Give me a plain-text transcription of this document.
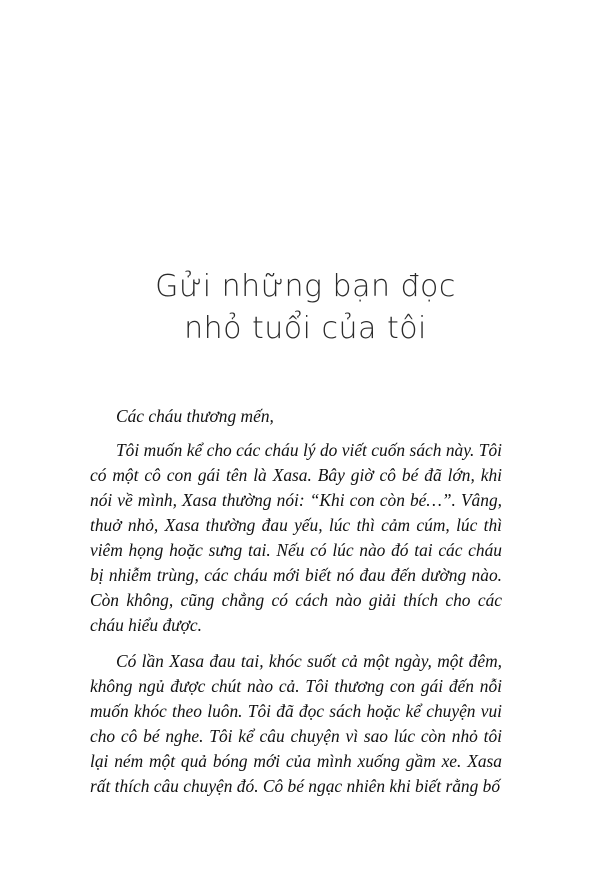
Gửi những bạn đọc
nhỏ tuổi của tôi

Các cháu thương mến,

Tôi muốn kể cho các cháu lý do viết cuốn sách này. Tôi có một cô con gái tên là Xasa. Bây giờ cô bé đã lớn, khi nói về mình, Xasa thường nói: “Khi con còn bé…”. Vâng, thuở nhỏ, Xasa thường đau yếu, lúc thì cảm cúm, lúc thì viêm họng hoặc sưng tai. Nếu có lúc nào đó tai các cháu bị nhiễm trùng, các cháu mới biết nó đau đến dường nào. Còn không, cũng chẳng có cách nào giải thích cho các cháu hiểu được.

Có lần Xasa đau tai, khóc suốt cả một ngày, một đêm, không ngủ được chút nào cả. Tôi thương con gái đến nỗi muốn khóc theo luôn. Tôi đã đọc sách hoặc kể chuyện vui cho cô bé nghe. Tôi kể câu chuyện vì sao lúc còn nhỏ tôi lại ném một quả bóng mới của mình xuống gầm xe. Xasa rất thích câu chuyện đó. Cô bé ngạc nhiên khi biết rằng bố
